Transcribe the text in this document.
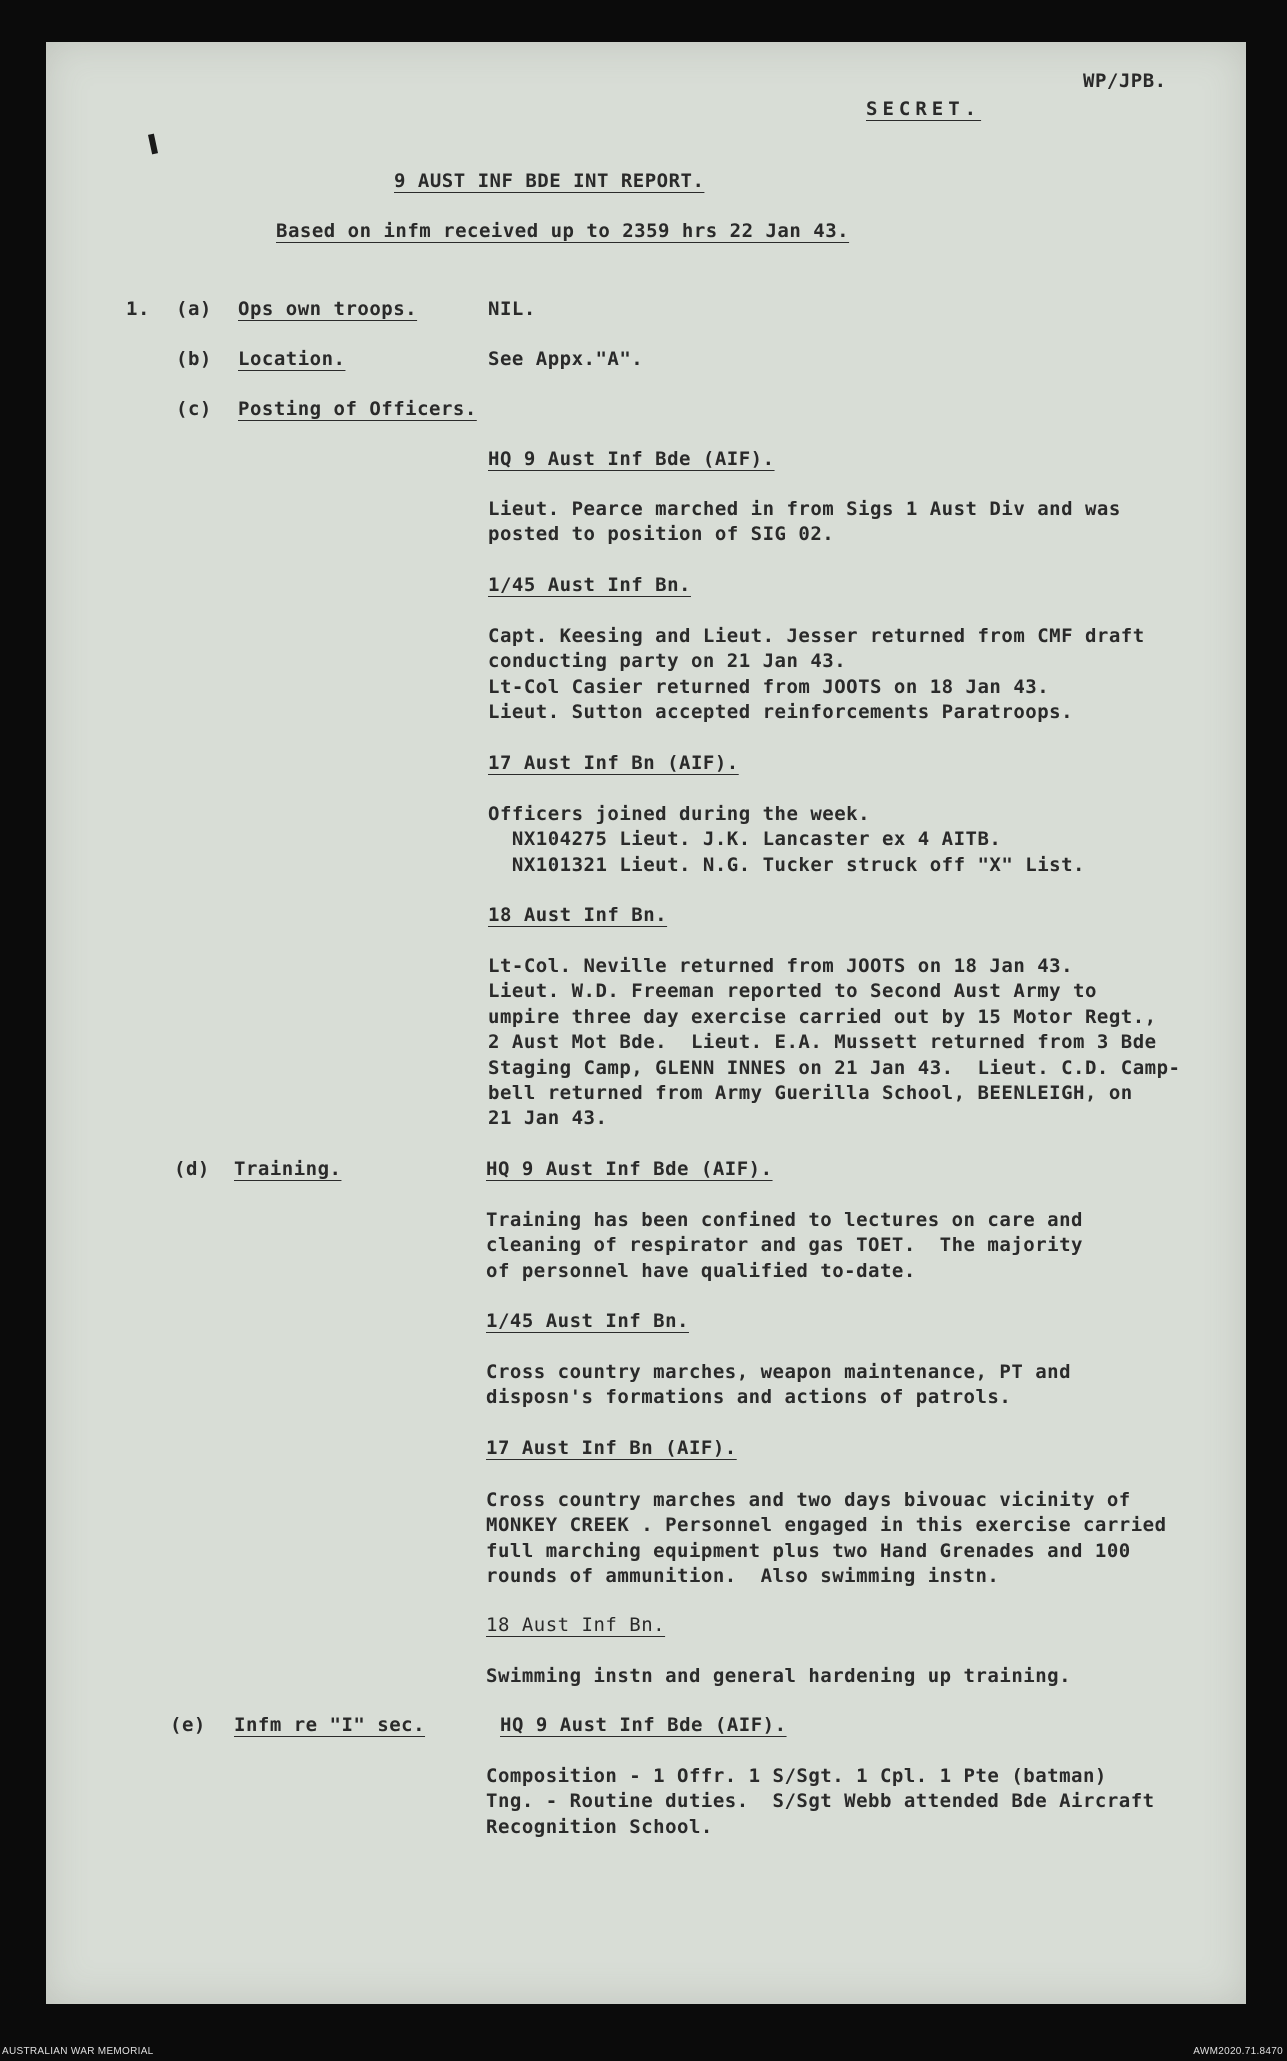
WP/JPB.
SECRET.
9 AUST INF BDE INT REPORT.
Based on infm received up to 2359 hrs 22 Jan 43.
1. (a) Ops own troops.	NIL.
(b) Location.	See Appx."A".
(c) Posting of Officers.
HQ 9 Aust Inf Bde (AIF).
Lieut. Pearce marched in from Sigs 1 Aust Div and was
posted to position of SIG 02.
1/45 Aust Inf Bn.
Capt. Keesing and Lieut. Jesser returned from CMF draft
conducting party on 21 Jan 43.
Lt-Col Casier returned from JOOTS on 18 Jan 43.
Lieut. Sutton accepted reinforcements Paratroops.
17 Aust Inf Bn (AIF).
Officers joined during the week.
NX104275 Lieut. J.K. Lancaster ex 4 AITB.
NX101321 Lieut. N.G. Tucker struck off "X" List.
18 Aust Inf Bn.
Lt-Col. Neville returned from JOOTS on 18 Jan 43.
Lieut. W.D. Freeman reported to Second Aust Army to
umpire three day exercise carried out by 15 Motor Regt.,
2 Aust Mot Bde.  Lieut. E.A. Mussett returned from 3 Bde
Staging Camp, GLENN INNES on 21 Jan 43.  Lieut. C.D. Camp-
bell returned from Army Guerilla School, BEENLEIGH, on
21 Jan 43.
(d) Training.	HQ 9 Aust Inf Bde (AIF).
Training has been confined to lectures on care and
cleaning of respirator and gas TOET.  The majority
of personnel have qualified to-date.
1/45 Aust Inf Bn.
Cross country marches, weapon maintenance, PT and
disposn's formations and actions of patrols.
17 Aust Inf Bn (AIF).
Cross country marches and two days bivouac vicinity of
MONKEY CREEK . Personnel engaged in this exercise carried
full marching equipment plus two Hand Grenades and 100
rounds of ammunition.  Also swimming instn.
18 Aust Inf Bn.
Swimming instn and general hardening up training.
(e) Infm re "I" sec.	HQ 9 Aust Inf Bde (AIF).
Composition - 1 Offr. 1 S/Sgt. 1 Cpl. 1 Pte (batman)
Tng. - Routine duties.  S/Sgt Webb attended Bde Aircraft
Recognition School.
AUSTRALIAN WAR MEMORIAL	AWM2020.71.8470
